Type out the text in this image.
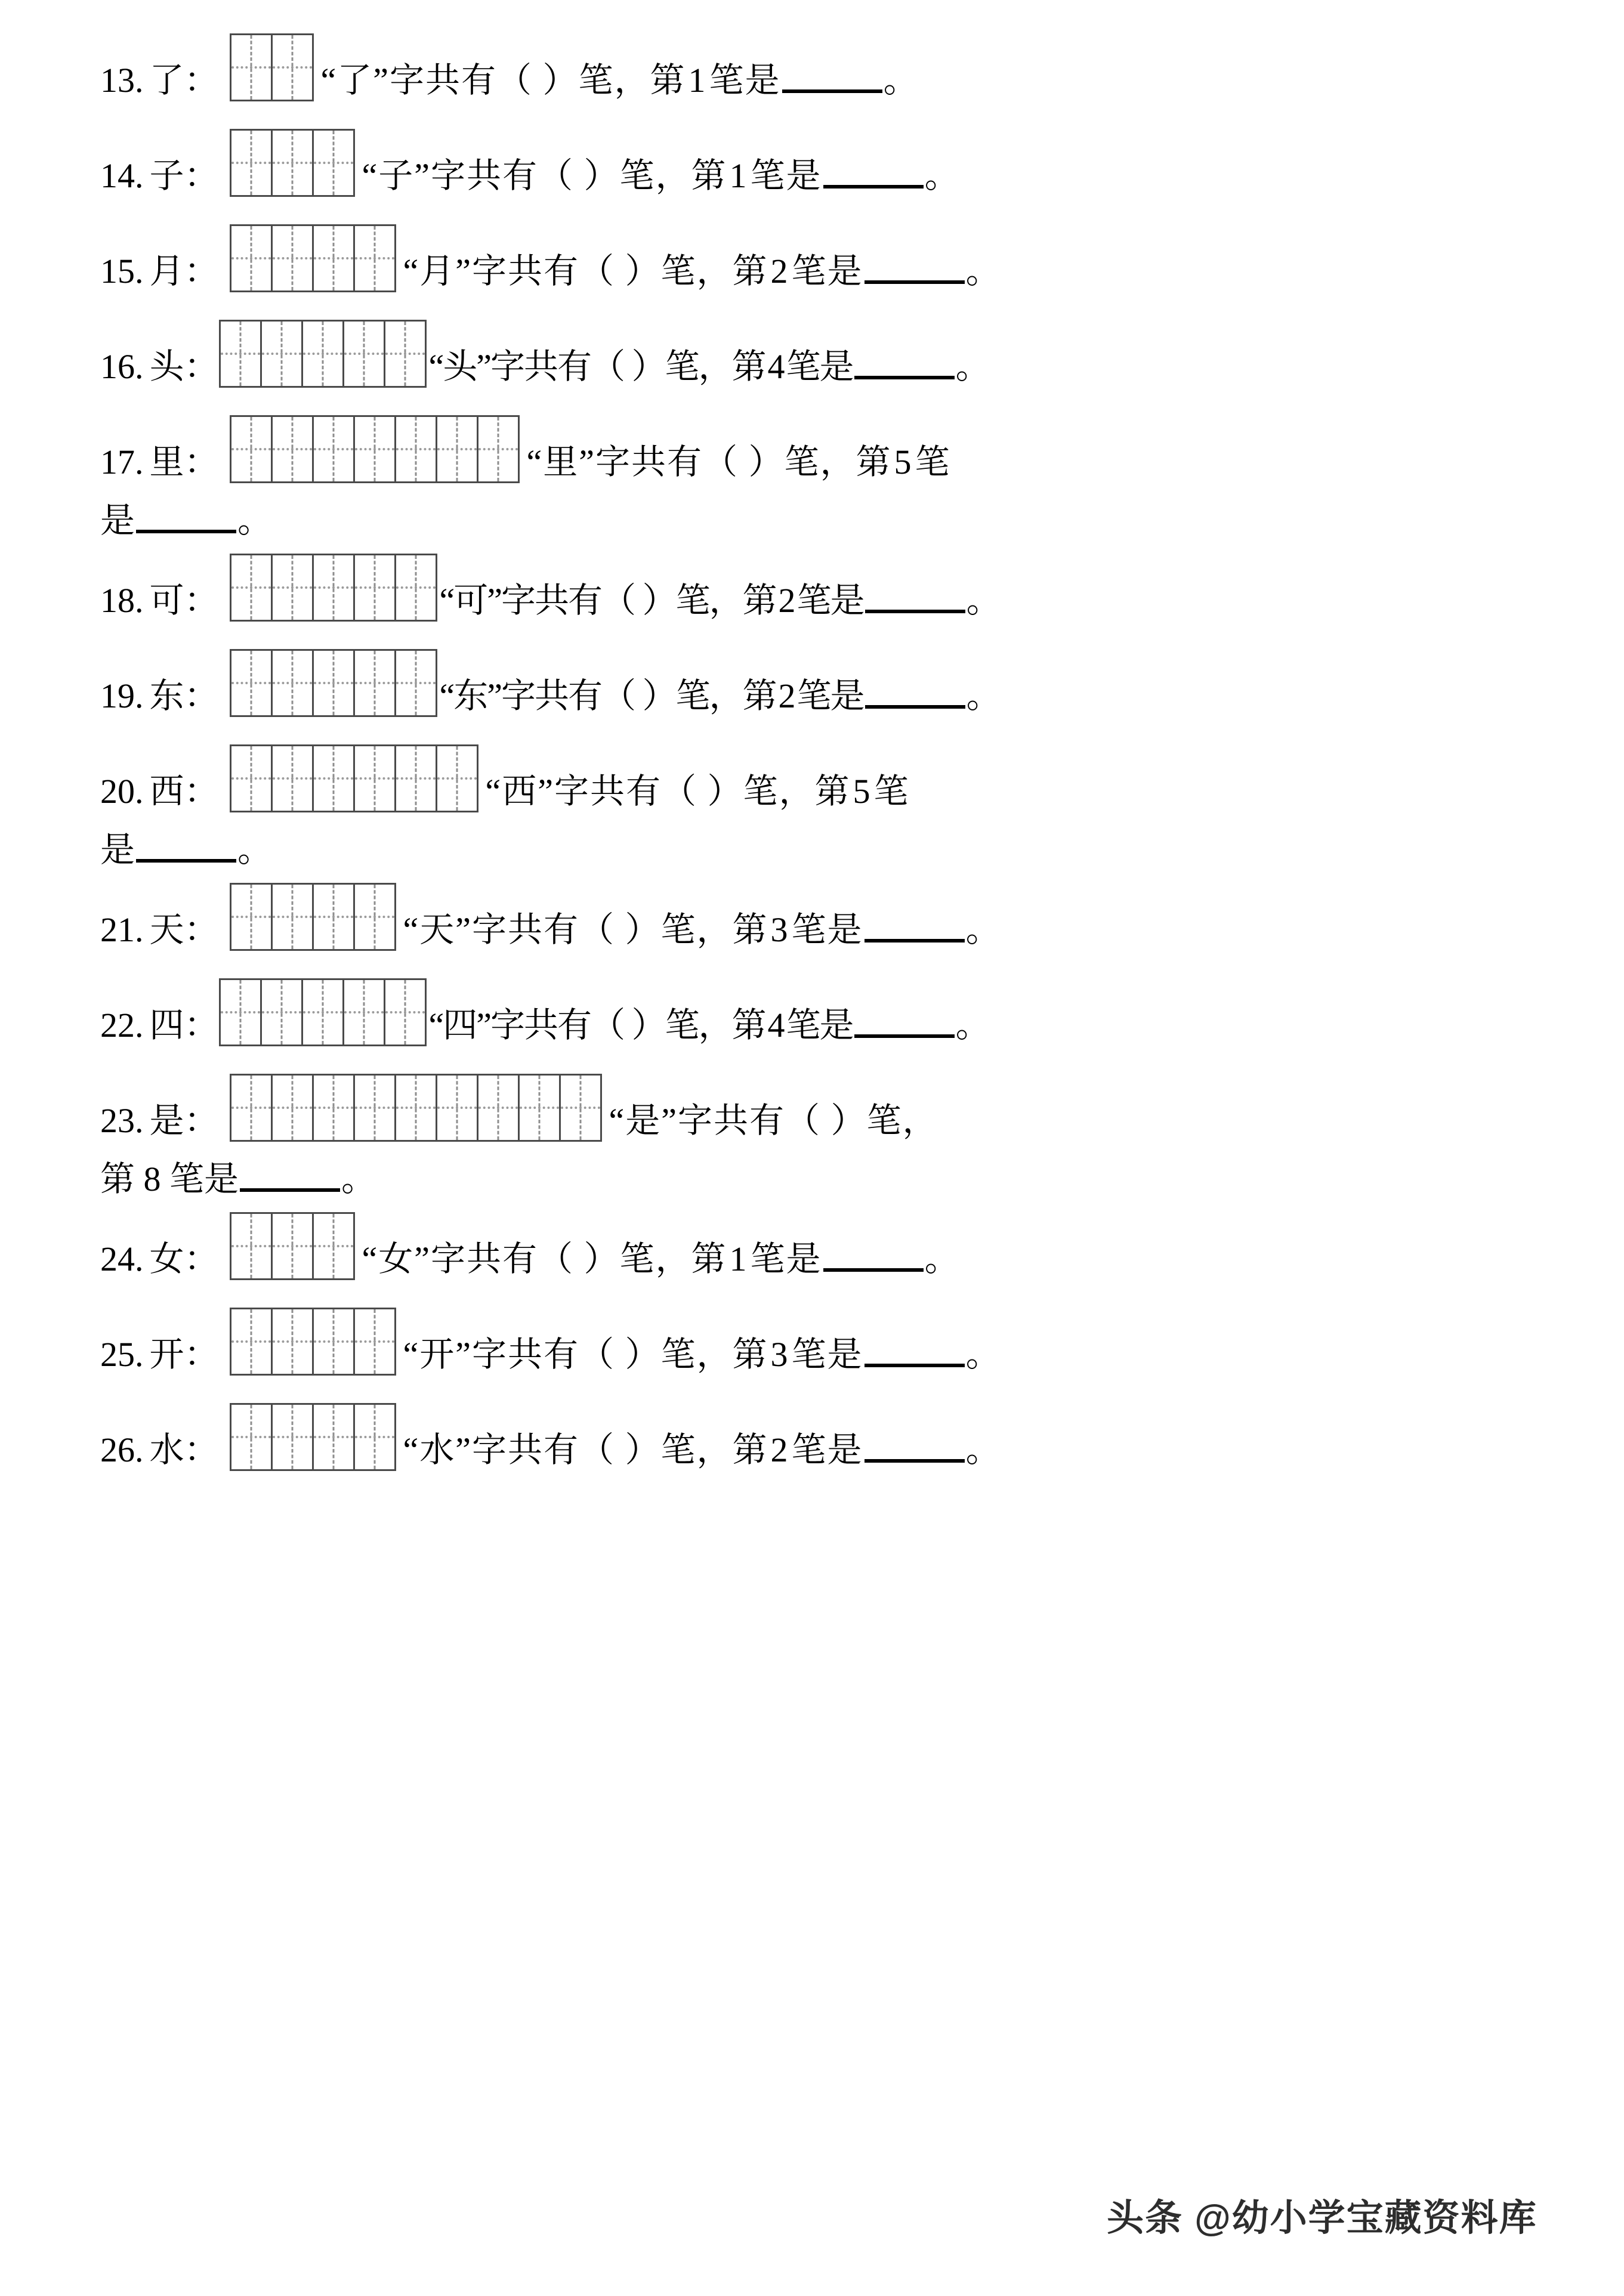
13. 了 ：	“了”字共有（ ）笔，第1笔是	。
14. 子 ：	“子”字共有（ ）笔，第1笔是	。
15. 月 ：	“月”字共有（ ）笔，第2笔是	。
16. 头 ：	“头”字共有（ ）笔，第4笔是	。
17. 里 ：	“里”字共有（ ）笔，第5笔
是	。
18. 可 ：	“可”字共有（ ）笔，第2笔是	。
19. 东 ：	“东”字共有（ ）笔，第2笔是	。
20. 西 ：	“西”字共有（ ）笔，第5笔
是	。
21. 天 ：	“天”字共有（ ）笔，第3笔是	。
22. 四 ：	“四”字共有（ ）笔，第4笔是	。
23. 是 ：	“是”字共有（ ）笔，
第 8 笔是	。
24. 女 ：	“女”字共有（ ）笔，第1笔是	。
25. 开 ：	“开”字共有（ ）笔，第3笔是	。
26. 水 ：	“水”字共有（ ）笔，第2笔是	。
头条 @幼小学宝藏资料库
